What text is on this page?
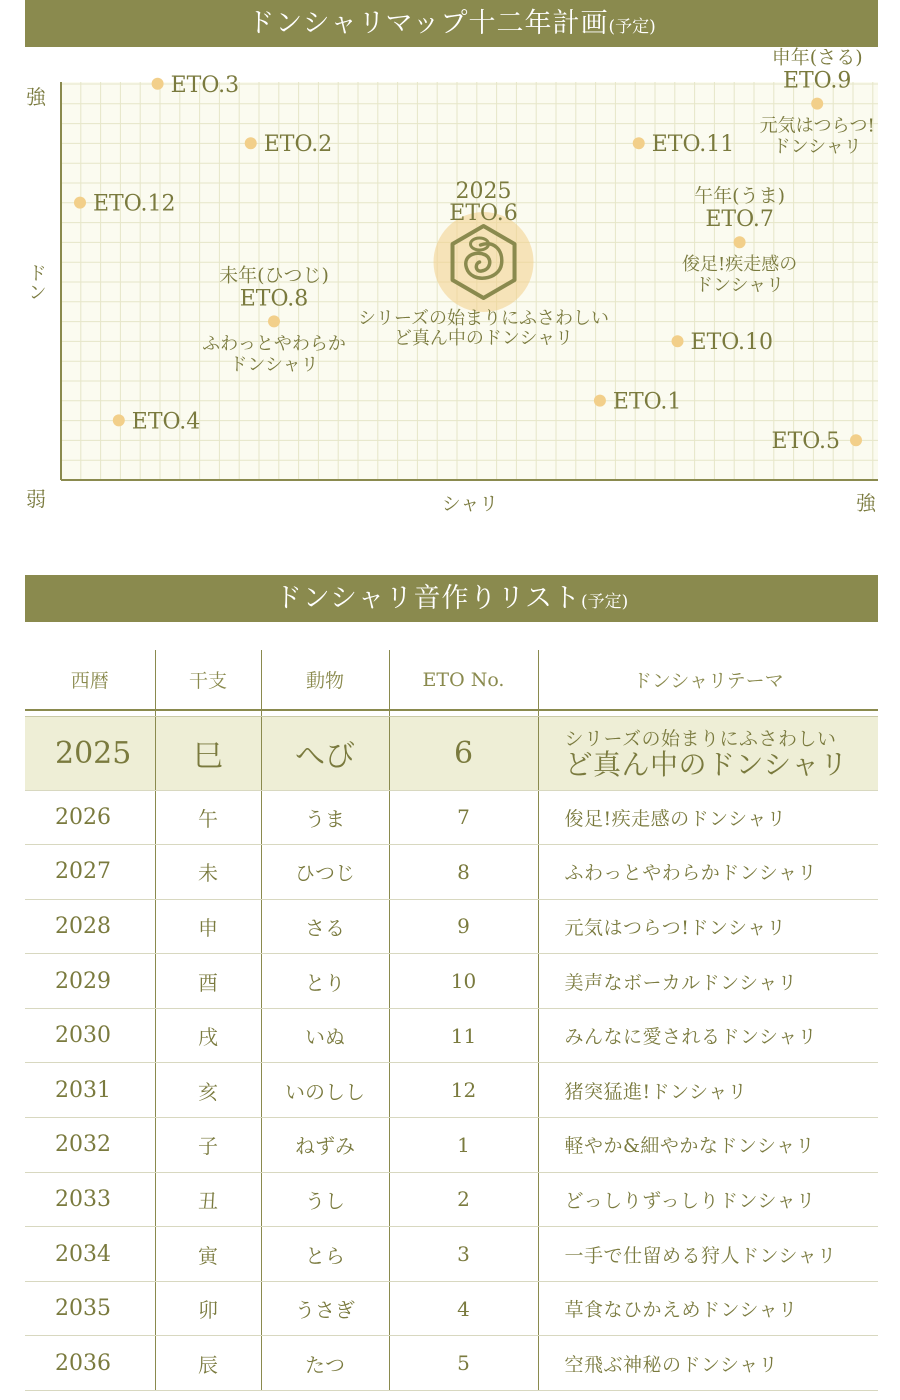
ドンシャリマップ十二年計画(予定)
強
弱	強
シャリ
ドン
ETO.1
ETO.2
ETO.3
ETO.4
ETO.5
2025
ETO.6
シリーズの始まりにふさわしい
ど真ん中のドンシャリ
午年(うま)
ETO.7
俊足!疾走感の
ドンシャリ
未年(ひつじ)
ETO.8
ふわっとやわらか
ドンシャリ
申年(さる)
ETO.9
元気はつらつ!
ドンシャリ
ETO.10
ETO.11
ETO.12
ドンシャリ音作りリスト(予定)
西暦	干支	動物	ETO No.	ドンシャリテーマ

2025	巳	へび	6	シリーズの始まりにふさわしい
ど真ん中のドンシャリ

2026	午	うま	7	俊足!疾走感のドンシャリ
2027	未	ひつじ	8	ふわっとやわらかドンシャリ
2028	申	さる	9	元気はつらつ!ドンシャリ
2029	酉	とり	10	美声なボーカルドンシャリ
2030	戌	いぬ	11	みんなに愛されるドンシャリ
2031	亥	いのしし	12	猪突猛進!ドンシャリ
2032	子	ねずみ	1	軽やか&細やかなドンシャリ
2033	丑	うし	2	どっしりずっしりドンシャリ
2034	寅	とら	3	一手で仕留める狩人ドンシャリ
2035	卯	うさぎ	4	草食なひかえめドンシャリ
2036	辰	たつ	5	空飛ぶ神秘のドンシャリ
